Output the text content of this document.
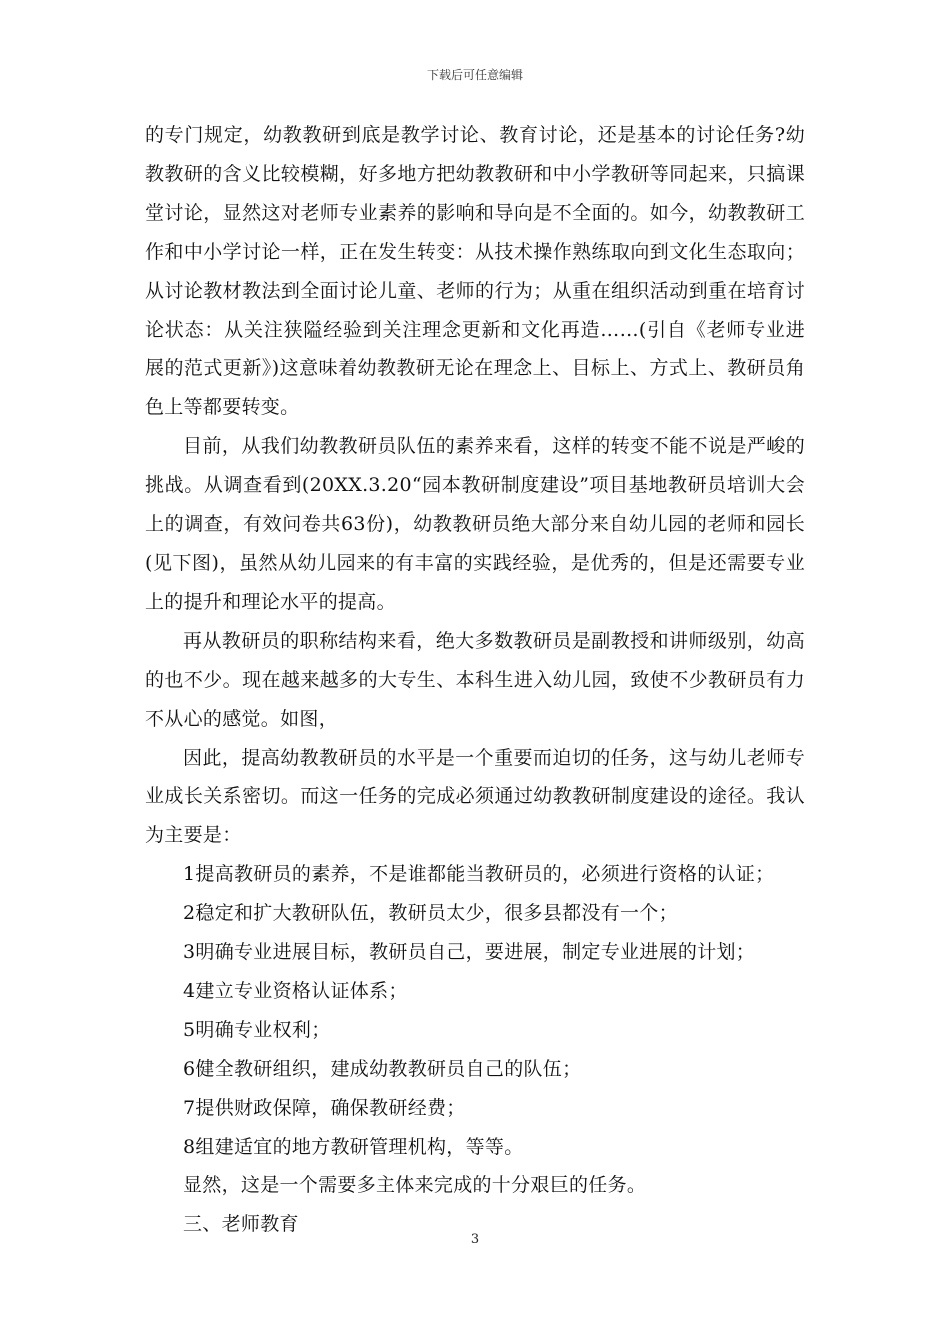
下载后可任意编辑

的专门规定，幼教教研到底是教学讨论、教育讨论，还是基本的讨论任务?幼教教研的含义比较模糊，好多地方把幼教教研和中小学教研等同起来，只搞课堂讨论，显然这对老师专业素养的影响和导向是不全面的。如今，幼教教研工作和中小学讨论一样，正在发生转变：从技术操作熟练取向到文化生态取向；从讨论教材教法到全面讨论儿童、老师的行为；从重在组织活动到重在培育讨论状态：从关注狭隘经验到关注理念更新和文化再造……(引自《老师专业进展的范式更新》)这意味着幼教教研无论在理念上、目标上、方式上、教研员角色上等都要转变。

目前，从我们幼教教研员队伍的素养来看，这样的转变不能不说是严峻的挑战。从调查看到(20XX.3.20“园本教研制度建设”项目基地教研员培训大会上的调查，有效问卷共63份)，幼教教研员绝大部分来自幼儿园的老师和园长(见下图)，虽然从幼儿园来的有丰富的实践经验，是优秀的，但是还需要专业上的提升和理论水平的提高。

再从教研员的职称结构来看，绝大多数教研员是副教授和讲师级别，幼高的也不少。现在越来越多的大专生、本科生进入幼儿园，致使不少教研员有力不从心的感觉。如图，

因此，提高幼教教研员的水平是一个重要而迫切的任务，这与幼儿老师专业成长关系密切。而这一任务的完成必须通过幼教教研制度建设的途径。我认为主要是：

1提高教研员的素养，不是谁都能当教研员的，必须进行资格的认证；

2稳定和扩大教研队伍，教研员太少，很多县都没有一个；

3明确专业进展目标，教研员自己，要进展，制定专业进展的计划；

4建立专业资格认证体系；

5明确专业权利；

6健全教研组织，建成幼教教研员自己的队伍；

7提供财政保障，确保教研经费；

8组建适宜的地方教研管理机构，等等。

显然，这是一个需要多主体来完成的十分艰巨的任务。

三、老师教育

3
